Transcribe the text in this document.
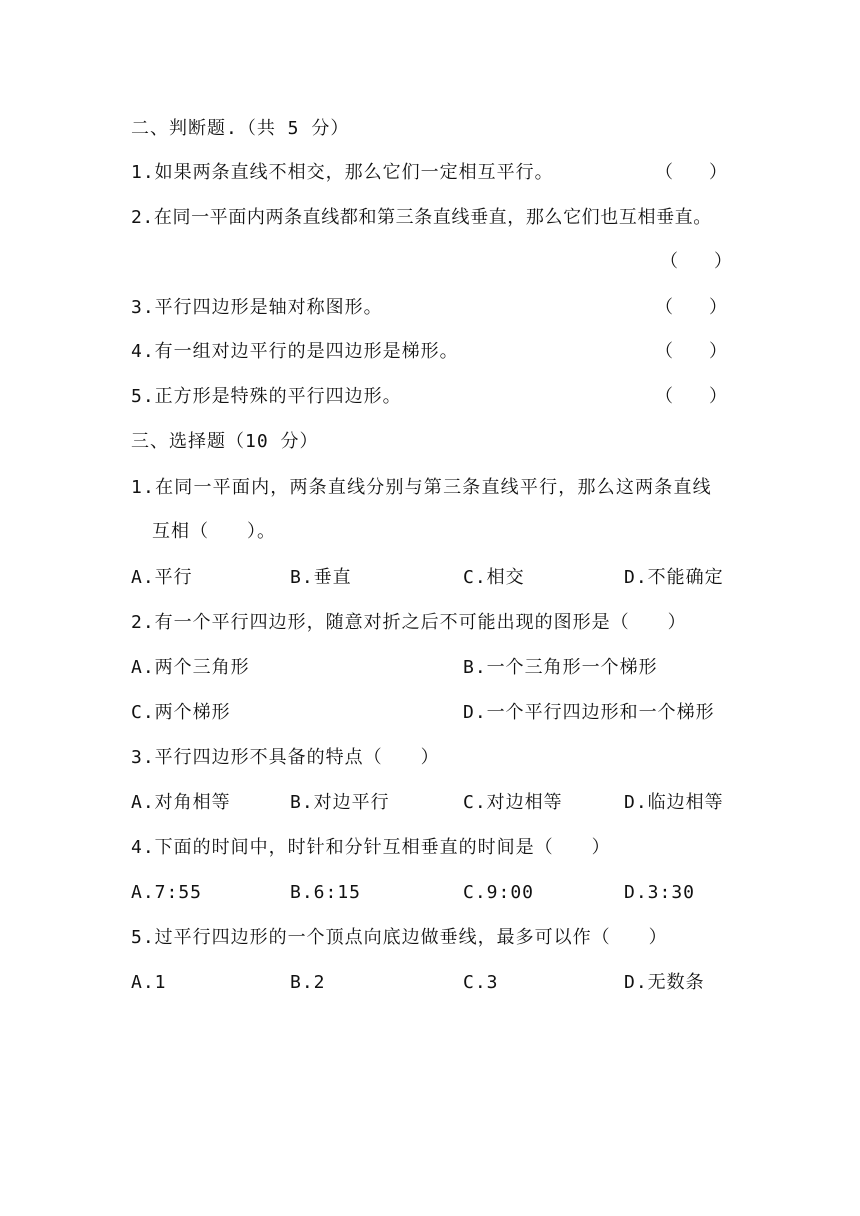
二、判断题.（共 5 分）
1.如果两条直线不相交，那么它们一定相互平行。	（　　）
2.在同一平面内两条直线都和第三条直线垂直，那么它们也互相垂直。
（　　）
3.平行四边形是轴对称图形。	（　　）
4.有一组对边平行的是四边形是梯形。	（　　）
5.正方形是特殊的平行四边形。	（　　）
三、选择题（10 分）
1.在同一平面内，两条直线分别与第三条直线平行，那么这两条直线
互相（　　）。
A.平行	B.垂直	C.相交	D.不能确定
2.有一个平行四边形，随意对折之后不可能出现的图形是（　　）
A.两个三角形	B.一个三角形一个梯形
C.两个梯形	D.一个平行四边形和一个梯形
3.平行四边形不具备的特点（　　）
A.对角相等	B.对边平行	C.对边相等	D.临边相等
4.下面的时间中，时针和分针互相垂直的时间是（　　）
A.7:55	B.6:15	C.9:00	D.3:30
5.过平行四边形的一个顶点向底边做垂线，最多可以作（　　）
A.1	B.2	C.3	D.无数条
